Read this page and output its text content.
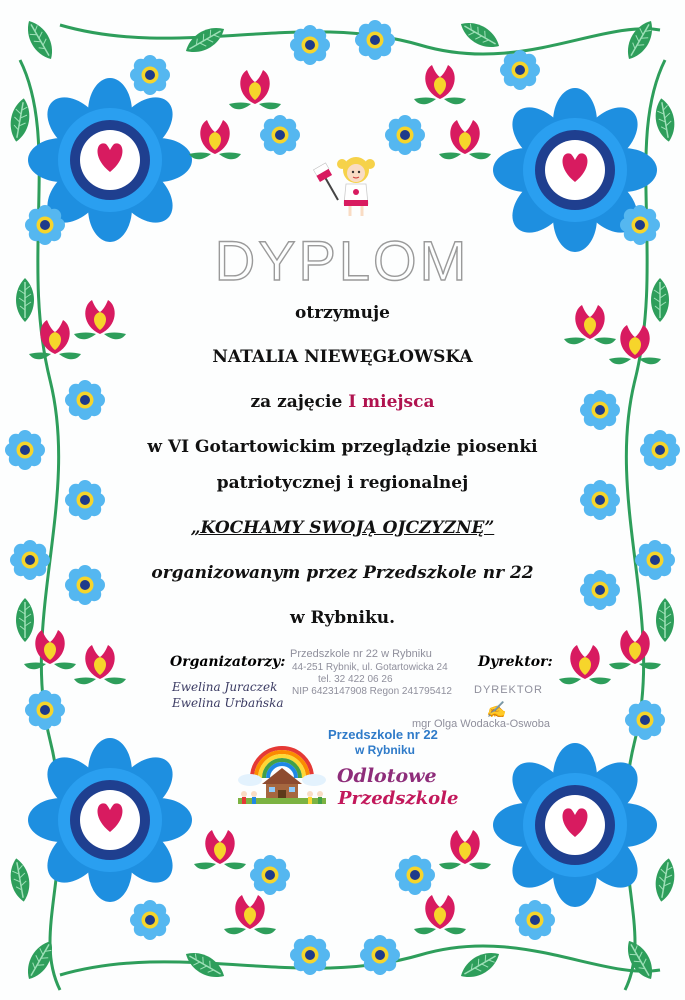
DYPLOM
otrzymuje
NATALIA NIEWĘGŁOWSKA
za zajęcie I miejsca
w VI Gotartowickim przeglądzie piosenki
patriotycznej i regionalnej
„KOCHAMY SWOJĄ OJCZYZNĘ”
organizowanym przez Przedszkole nr 22
w Rybniku.
Organizatorzy:
Ewelina Juraczek
Ewelina Urbańska
Przedszkole nr 22 w Rybniku
44-251 Rybnik, ul. Gotartowicka 24
tel. 32 422 06 26
NIP 6423147908 Regon 241795412
Dyrektor:
DYREKTOR
✍
mgr Olga Wodacka-Oswoba
Przedszkole nr 22
w Rybniku
Odlotowe
Przedszkole
